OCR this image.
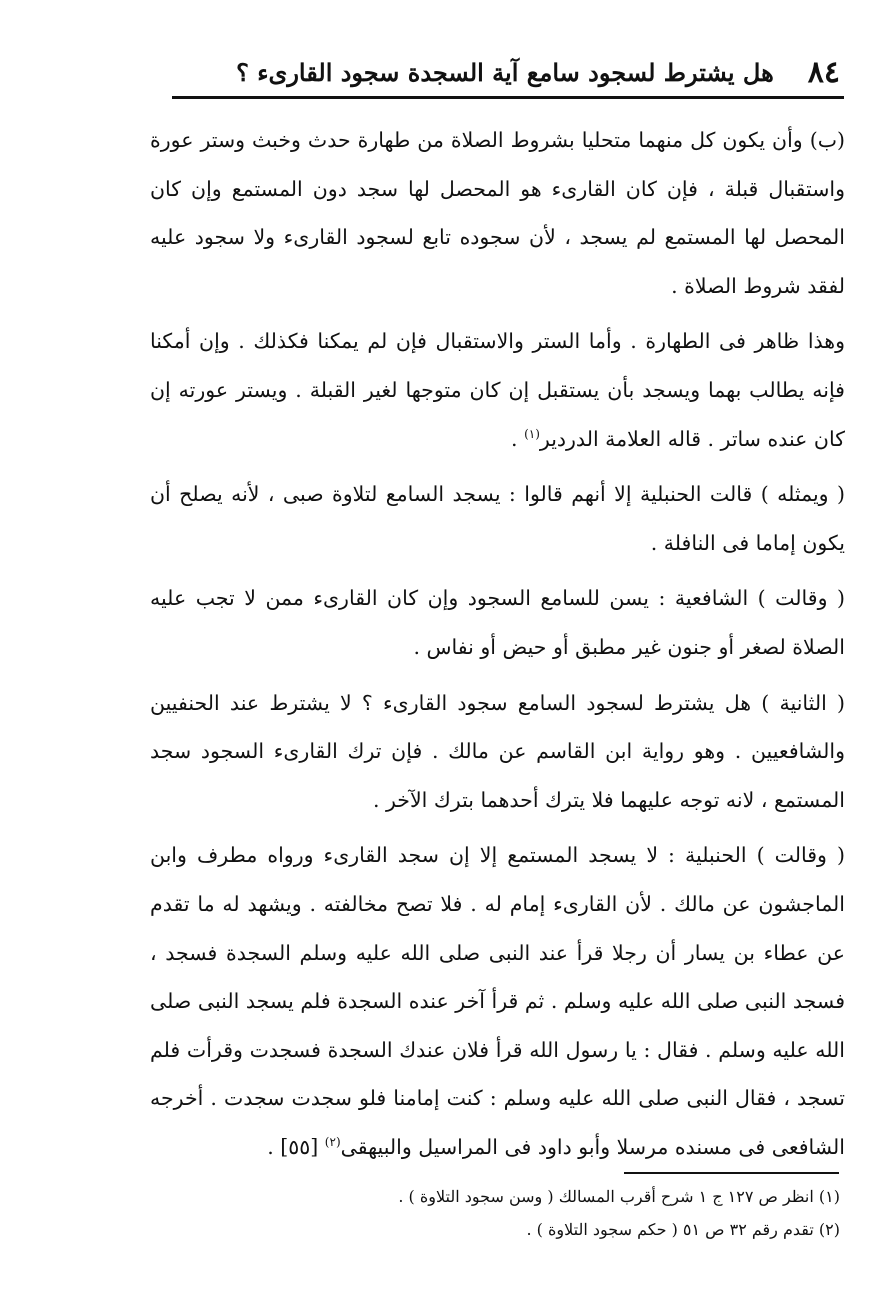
٨٤
هل يشترط لسجود سامع آية السجدة سجود القارىء ؟

(ب) وأن يكون كل منهما متحليا بشروط الصلاة من طهارة حدث وخبث وستر عورة واستقبال قبلة ، فإن كان القارىء هو المحصل لها سجد دون المستمع وإن كان المحصل لها المستمع لم يسجد ، لأن سجوده تابع لسجود القارىء ولا سجود عليه لفقد شروط الصلاة .

وهذا ظاهر فى الطهارة . وأما الستر والاستقبال فإن لم يمكنا فكذلك . وإن أمكنا فإنه يطالب بهما ويسجد بأن يستقبل إن كان متوجها لغير القبلة . ويستر عورته إن كان عنده ساتر . قاله العلامة الدردير$^{(١)}$ .

( ويمثله ) قالت الحنبلية إلا أنهم قالوا : يسجد السامع لتلاوة صبى ، لأنه يصلح أن يكون إماما فى النافلة .

( وقالت ) الشافعية : يسن للسامع السجود وإن كان القارىء ممن لا تجب عليه الصلاة لصغر أو جنون غير مطبق أو حيض أو نفاس .

( الثانية ) هل يشترط لسجود السامع سجود القارىء ؟ لا يشترط عند الحنفيين والشافعيين . وهو رواية ابن القاسم عن مالك . فإن ترك القارىء السجود سجد المستمع ، لانه توجه عليهما فلا يترك أحدهما بترك الآخر .

( وقالت ) الحنبلية : لا يسجد المستمع إلا إن سجد القارىء ورواه مطرف وابن الماجشون عن مالك . لأن القارىء إمام له . فلا تصح مخالفته . ويشهد له ما تقدم عن عطاء بن يسار أن رجلا قرأ عند النبى صلى الله عليه وسلم السجدة فسجد ، فسجد النبى صلى الله عليه وسلم . ثم قرأ آخر عنده السجدة فلم يسجد النبى صلى الله عليه وسلم . فقال : يا رسول الله قرأ فلان عندك السجدة فسجدت وقرأت فلم تسجد ، فقال النبى صلى الله عليه وسلم : كنت إمامنا فلو سجدت سجدت . أخرجه الشافعى فى مسنده مرسلا وأبو داود فى المراسيل والبيهقى$^{(٢)}$ [٥٥] .

(١) انظر ص ١٢٧ ج ١ شرح أقرب المسالك ( وسن سجود التلاوة ) .
(٢) تقدم رقم ٣٢ ص ٥١ ( حكم سجود التلاوة ) .
